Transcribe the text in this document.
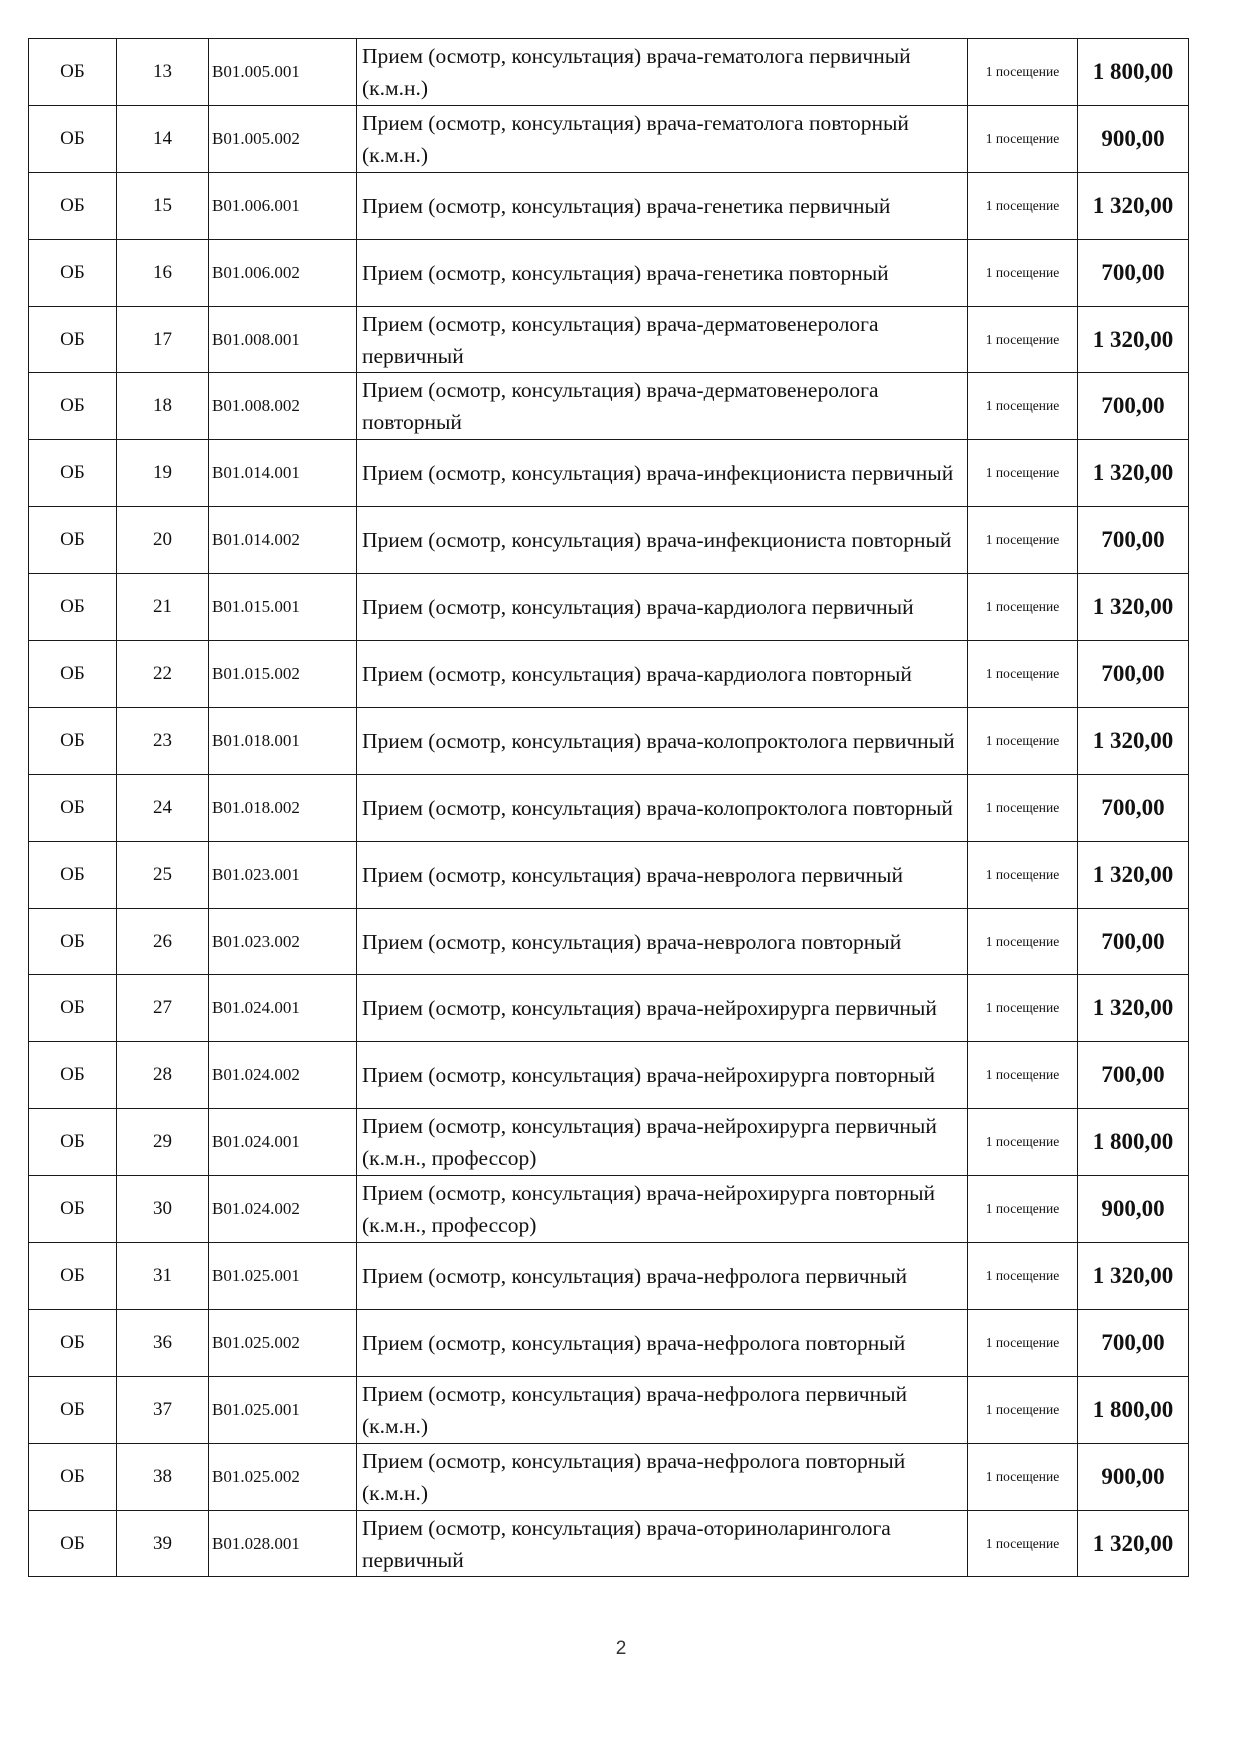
ОБ	13	B01.005.001	Прием (осмотр, консультация) врача-гематолога первичный (к.м.н.)	1 посещение	1 800,00
ОБ	14	B01.005.002	Прием (осмотр, консультация) врача-гематолога повторный (к.м.н.)	1 посещение	900,00
ОБ	15	B01.006.001	Прием (осмотр, консультация) врача-генетика первичный	1 посещение	1 320,00
ОБ	16	B01.006.002	Прием (осмотр, консультация) врача-генетика повторный	1 посещение	700,00
ОБ	17	B01.008.001	Прием (осмотр, консультация) врача-дерматовенеролога первичный	1 посещение	1 320,00
ОБ	18	B01.008.002	Прием (осмотр, консультация) врача-дерматовенеролога повторный	1 посещение	700,00
ОБ	19	B01.014.001	Прием (осмотр, консультация) врача-инфекциониста первичный	1 посещение	1 320,00
ОБ	20	B01.014.002	Прием (осмотр, консультация) врача-инфекциониста повторный	1 посещение	700,00
ОБ	21	B01.015.001	Прием (осмотр, консультация) врача-кардиолога первичный	1 посещение	1 320,00
ОБ	22	B01.015.002	Прием (осмотр, консультация) врача-кардиолога повторный	1 посещение	700,00
ОБ	23	B01.018.001	Прием (осмотр, консультация) врача-колопроктолога первичный	1 посещение	1 320,00
ОБ	24	B01.018.002	Прием (осмотр, консультация) врача-колопроктолога повторный	1 посещение	700,00
ОБ	25	B01.023.001	Прием (осмотр, консультация) врача-невролога первичный	1 посещение	1 320,00
ОБ	26	B01.023.002	Прием (осмотр, консультация) врача-невролога повторный	1 посещение	700,00
ОБ	27	B01.024.001	Прием (осмотр, консультация) врача-нейрохирурга первичный	1 посещение	1 320,00
ОБ	28	B01.024.002	Прием (осмотр, консультация) врача-нейрохирурга повторный	1 посещение	700,00
ОБ	29	B01.024.001	Прием (осмотр, консультация) врача-нейрохирурга первичный (к.м.н., профессор)	1 посещение	1 800,00
ОБ	30	B01.024.002	Прием (осмотр, консультация) врача-нейрохирурга повторный (к.м.н., профессор)	1 посещение	900,00
ОБ	31	B01.025.001	Прием (осмотр, консультация) врача-нефролога первичный	1 посещение	1 320,00
ОБ	36	B01.025.002	Прием (осмотр, консультация) врача-нефролога повторный	1 посещение	700,00
ОБ	37	B01.025.001	Прием (осмотр, консультация) врача-нефролога первичный (к.м.н.)	1 посещение	1 800,00
ОБ	38	B01.025.002	Прием (осмотр, консультация) врача-нефролога повторный (к.м.н.)	1 посещение	900,00
ОБ	39	B01.028.001	Прием (осмотр, консультация) врача-оториноларинголога первичный	1 посещение	1 320,00
2
